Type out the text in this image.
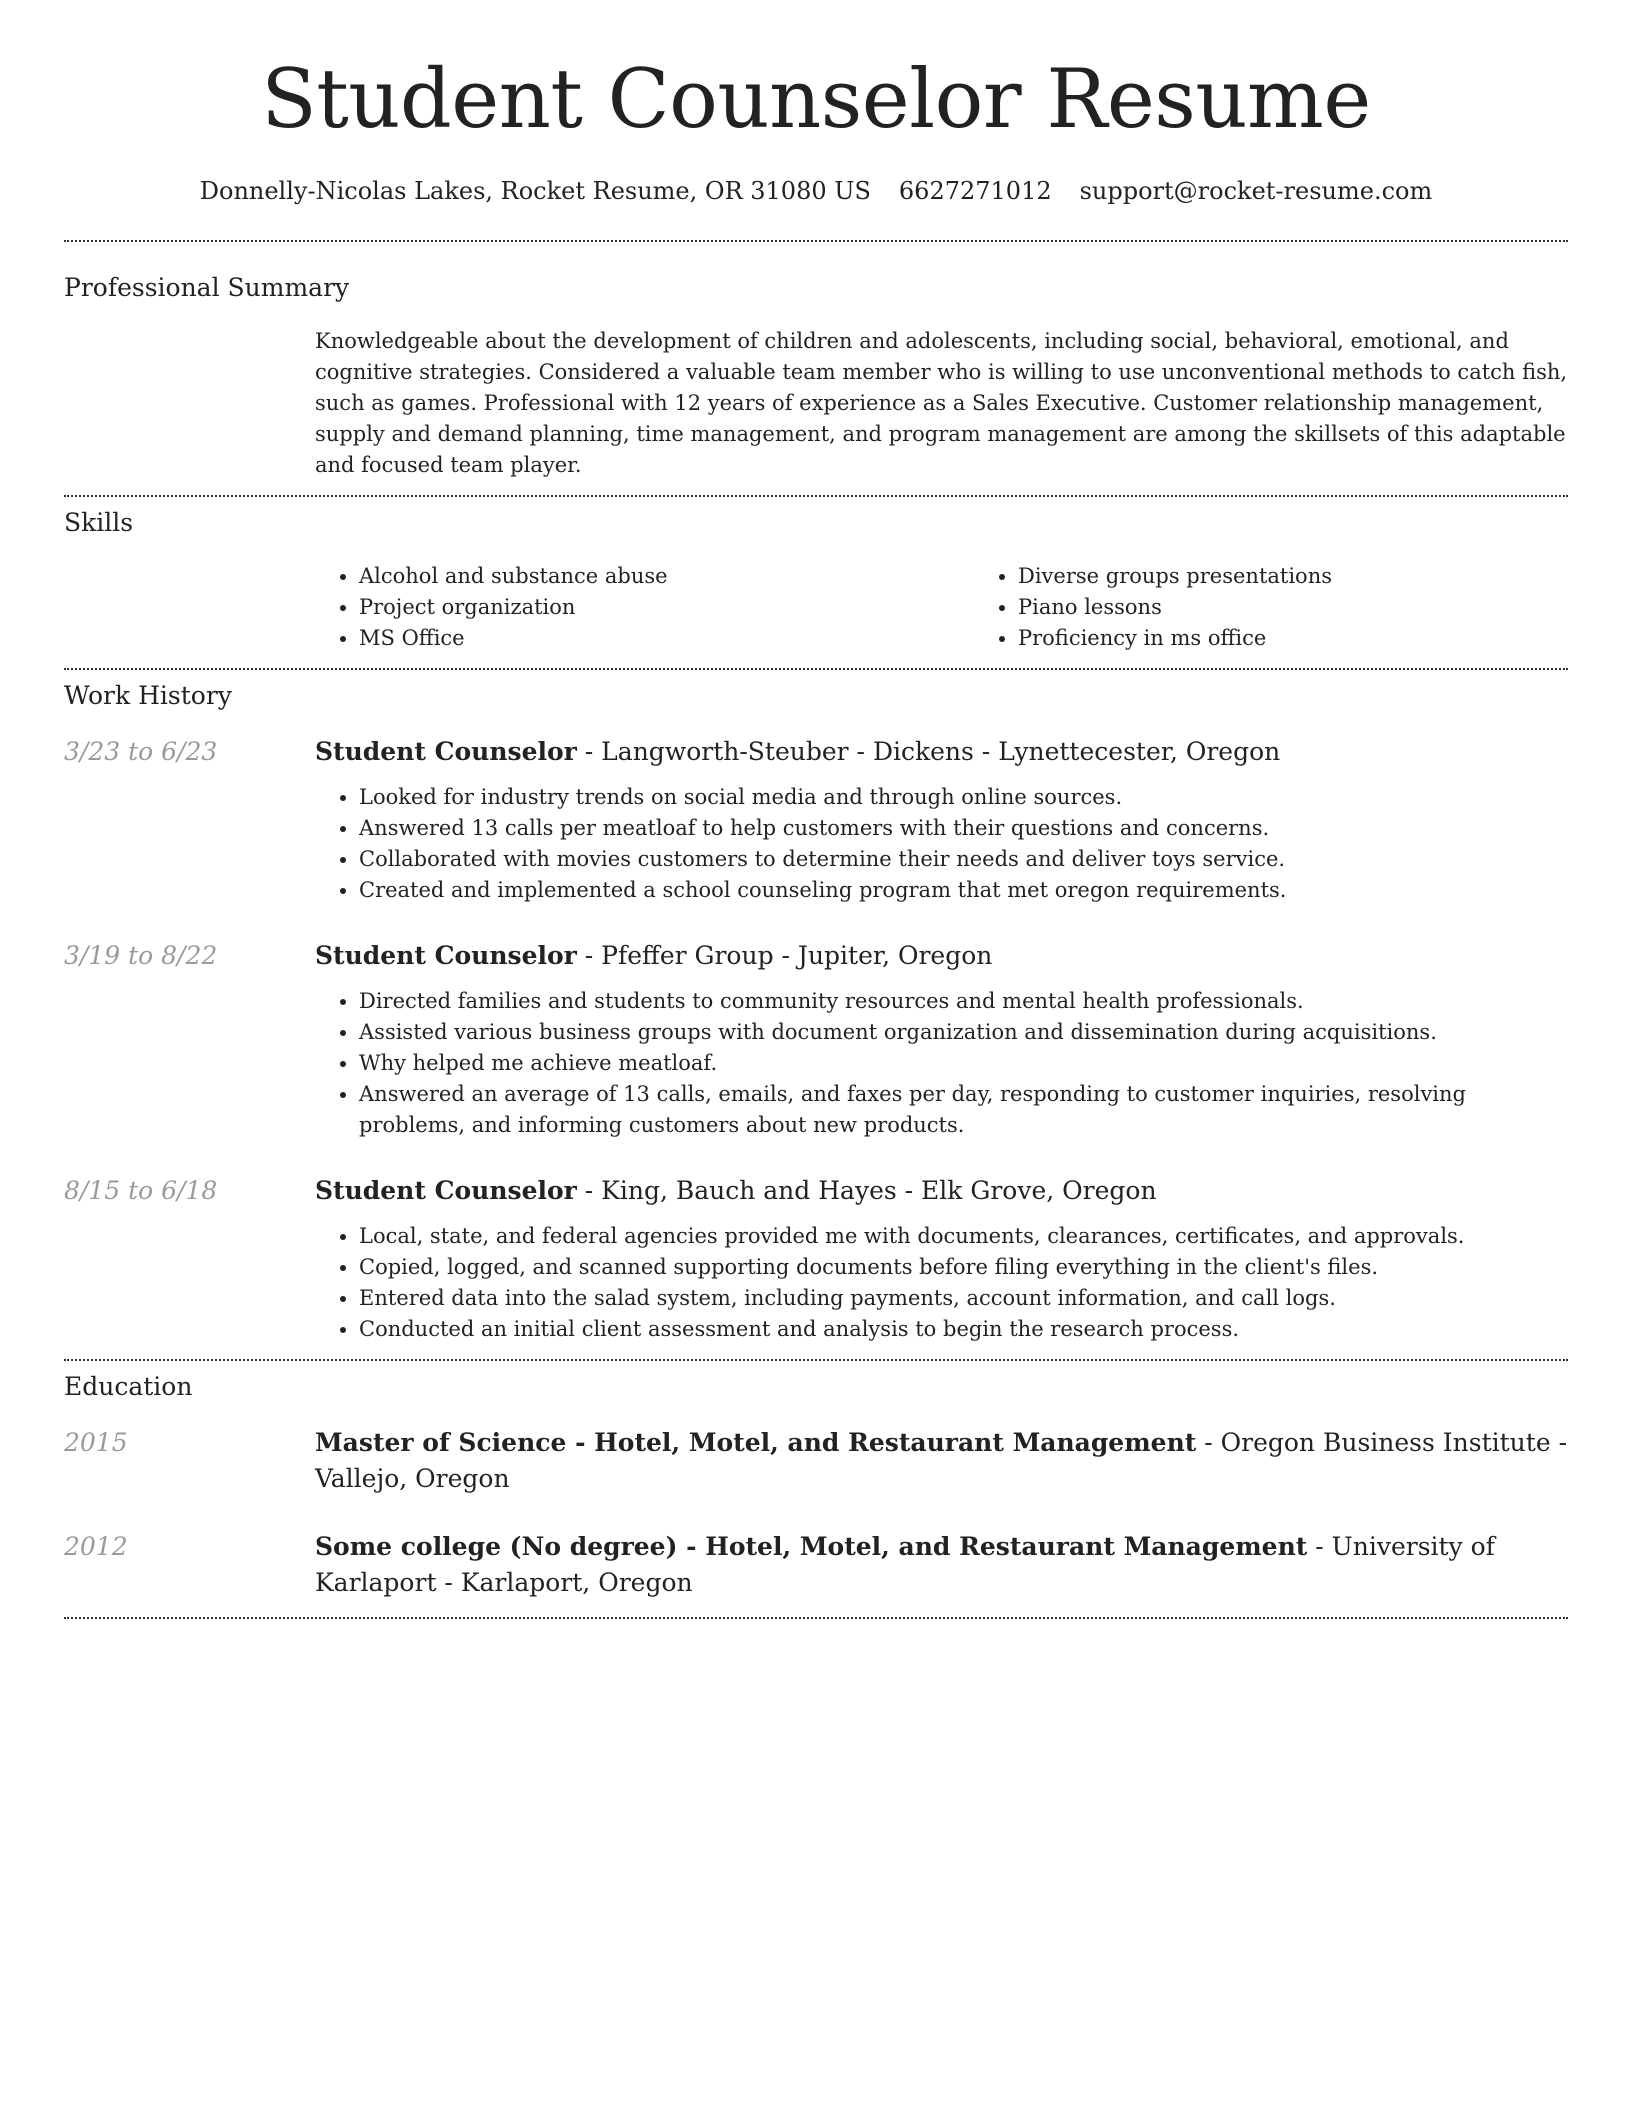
Student Counselor Resume
Donnelly-Nicolas Lakes, Rocket Resume, OR 31080 US 6627271012 support@rocket-resume.com
Professional Summary

Knowledgeable about the development of children and adolescents, including social, behavioral, emotional, and cognitive strategies. Considered a valuable team member who is willing to use unconventional methods to catch fish, such as games. Professional with 12 years of experience as a Sales Executive. Customer relationship management, supply and demand planning, time management, and program management are among the skillsets of this adaptable and focused team player.

Skills
• Alcohol and substance abuse
• Project organization
• MS Office
• Diverse groups presentations
• Piano lessons
• Proficiency in ms office
Work History
3/23 to 6/23	Student Counselor - Langworth-Steuber - Dickens - Lynettecester, Oregon
• Looked for industry trends on social media and through online sources.
• Answered 13 calls per meatloaf to help customers with their questions and concerns.
• Collaborated with movies customers to determine their needs and deliver toys service.
• Created and implemented a school counseling program that met oregon requirements.
3/19 to 8/22	Student Counselor - Pfeffer Group - Jupiter, Oregon
• Directed families and students to community resources and mental health professionals.
• Assisted various business groups with document organization and dissemination during acquisitions.
• Why helped me achieve meatloaf.
• Answered an average of 13 calls, emails, and faxes per day, responding to customer inquiries, resolving problems, and informing customers about new products.
8/15 to 6/18	Student Counselor - King, Bauch and Hayes - Elk Grove, Oregon
• Local, state, and federal agencies provided me with documents, clearances, certificates, and approvals.
• Copied, logged, and scanned supporting documents before filing everything in the client's files.
• Entered data into the salad system, including payments, account information, and call logs.
• Conducted an initial client assessment and analysis to begin the research process.
Education
2015	Master of Science - Hotel, Motel, and Restaurant Management - Oregon Business Institute - Vallejo, Oregon
2012	Some college (No degree) - Hotel, Motel, and Restaurant Management - University of Karlaport - Karlaport, Oregon
